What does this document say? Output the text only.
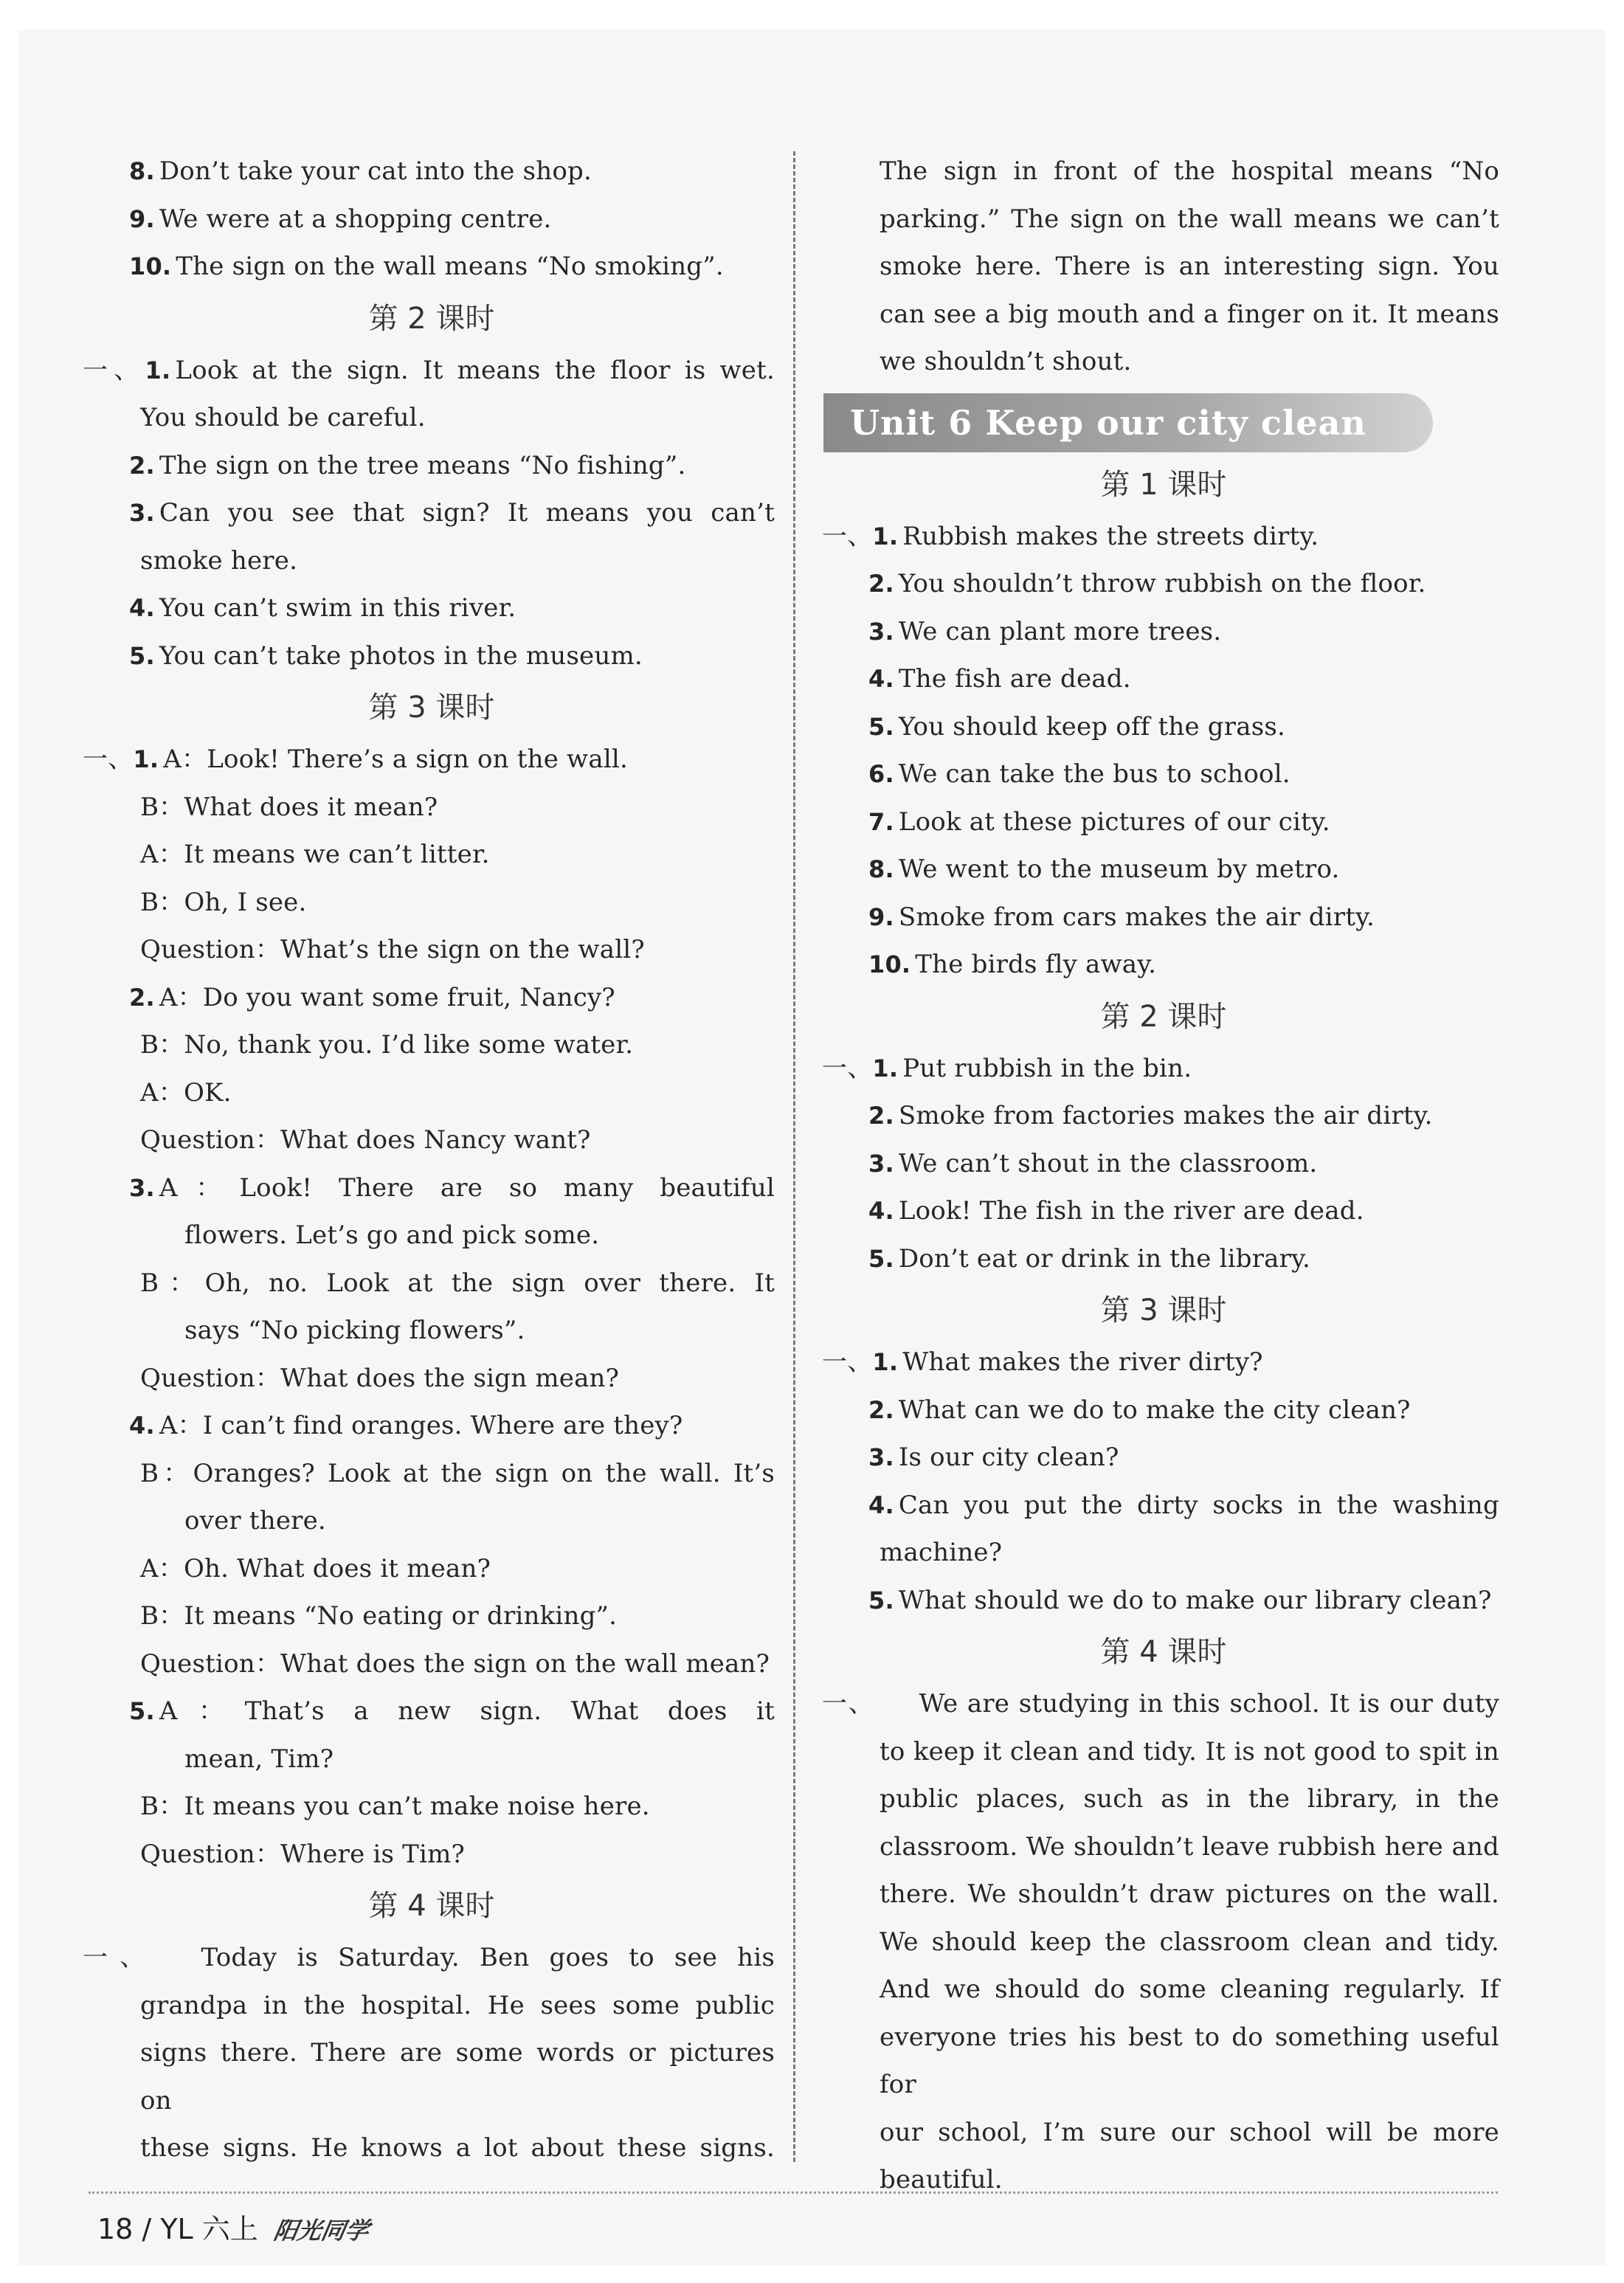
8. Don’t take your cat into the shop.
9. We were at a shopping centre.
10. The sign on the wall means “No smoking”.
第 2 课时
一、1. Look at the sign. It means the floor is wet.
You should be careful.
2. The sign on the tree means “No fishing”.
3. Can you see that sign? It means you can’t
smoke here.
4. You can’t swim in this river.
5. You can’t take photos in the museum.
第 3 课时
一、1. A：Look! There’s a sign on the wall.
B：What does it mean?
A：It means we can’t litter.
B：Oh, I see.
Question：What’s the sign on the wall?
2. A：Do you want some fruit, Nancy?
B：No, thank you. I’d like some water.
A：OK.
Question：What does Nancy want?
3. A：Look! There are so many beautiful
flowers. Let’s go and pick some.
B：Oh, no. Look at the sign over there. It
says “No picking flowers”.
Question：What does the sign mean?
4. A：I can’t find oranges. Where are they?
B：Oranges? Look at the sign on the wall. It’s
over there.
A：Oh. What does it mean?
B：It means “No eating or drinking”.
Question：What does the sign on the wall mean?
5. A：That’s a new sign. What does it
mean, Tim?
B：It means you can’t make noise here.
Question：Where is Tim?
第 4 课时
一、 Today is Saturday. Ben goes to see his
grandpa in the hospital. He sees some public
signs there. There are some words or pictures on
these signs. He knows a lot about these signs.
The sign in front of the hospital means “No
parking.” The sign on the wall means we can’t
smoke here. There is an interesting sign. You
can see a big mouth and a finger on it. It means
we shouldn’t shout.
Unit 6 Keep our city clean
第 1 课时
一、1. Rubbish makes the streets dirty.
2. You shouldn’t throw rubbish on the floor.
3. We can plant more trees.
4. The fish are dead.
5. You should keep off the grass.
6. We can take the bus to school.
7. Look at these pictures of our city.
8. We went to the museum by metro.
9. Smoke from cars makes the air dirty.
10. The birds fly away.
第 2 课时
一、1. Put rubbish in the bin.
2. Smoke from factories makes the air dirty.
3. We can’t shout in the classroom.
4. Look! The fish in the river are dead.
5. Don’t eat or drink in the library.
第 3 课时
一、1. What makes the river dirty?
2. What can we do to make the city clean?
3. Is our city clean?
4. Can you put the dirty socks in the washing
machine?
5. What should we do to make our library clean?
第 4 课时
一、 We are studying in this school. It is our duty
to keep it clean and tidy. It is not good to spit in
public places, such as in the library, in the
classroom. We shouldn’t leave rubbish here and
there. We shouldn’t draw pictures on the wall.
We should keep the classroom clean and tidy.
And we should do some cleaning regularly. If
everyone tries his best to do something useful for
our school, I’m sure our school will be more
beautiful.
18 / YL 六上 阳光同学
